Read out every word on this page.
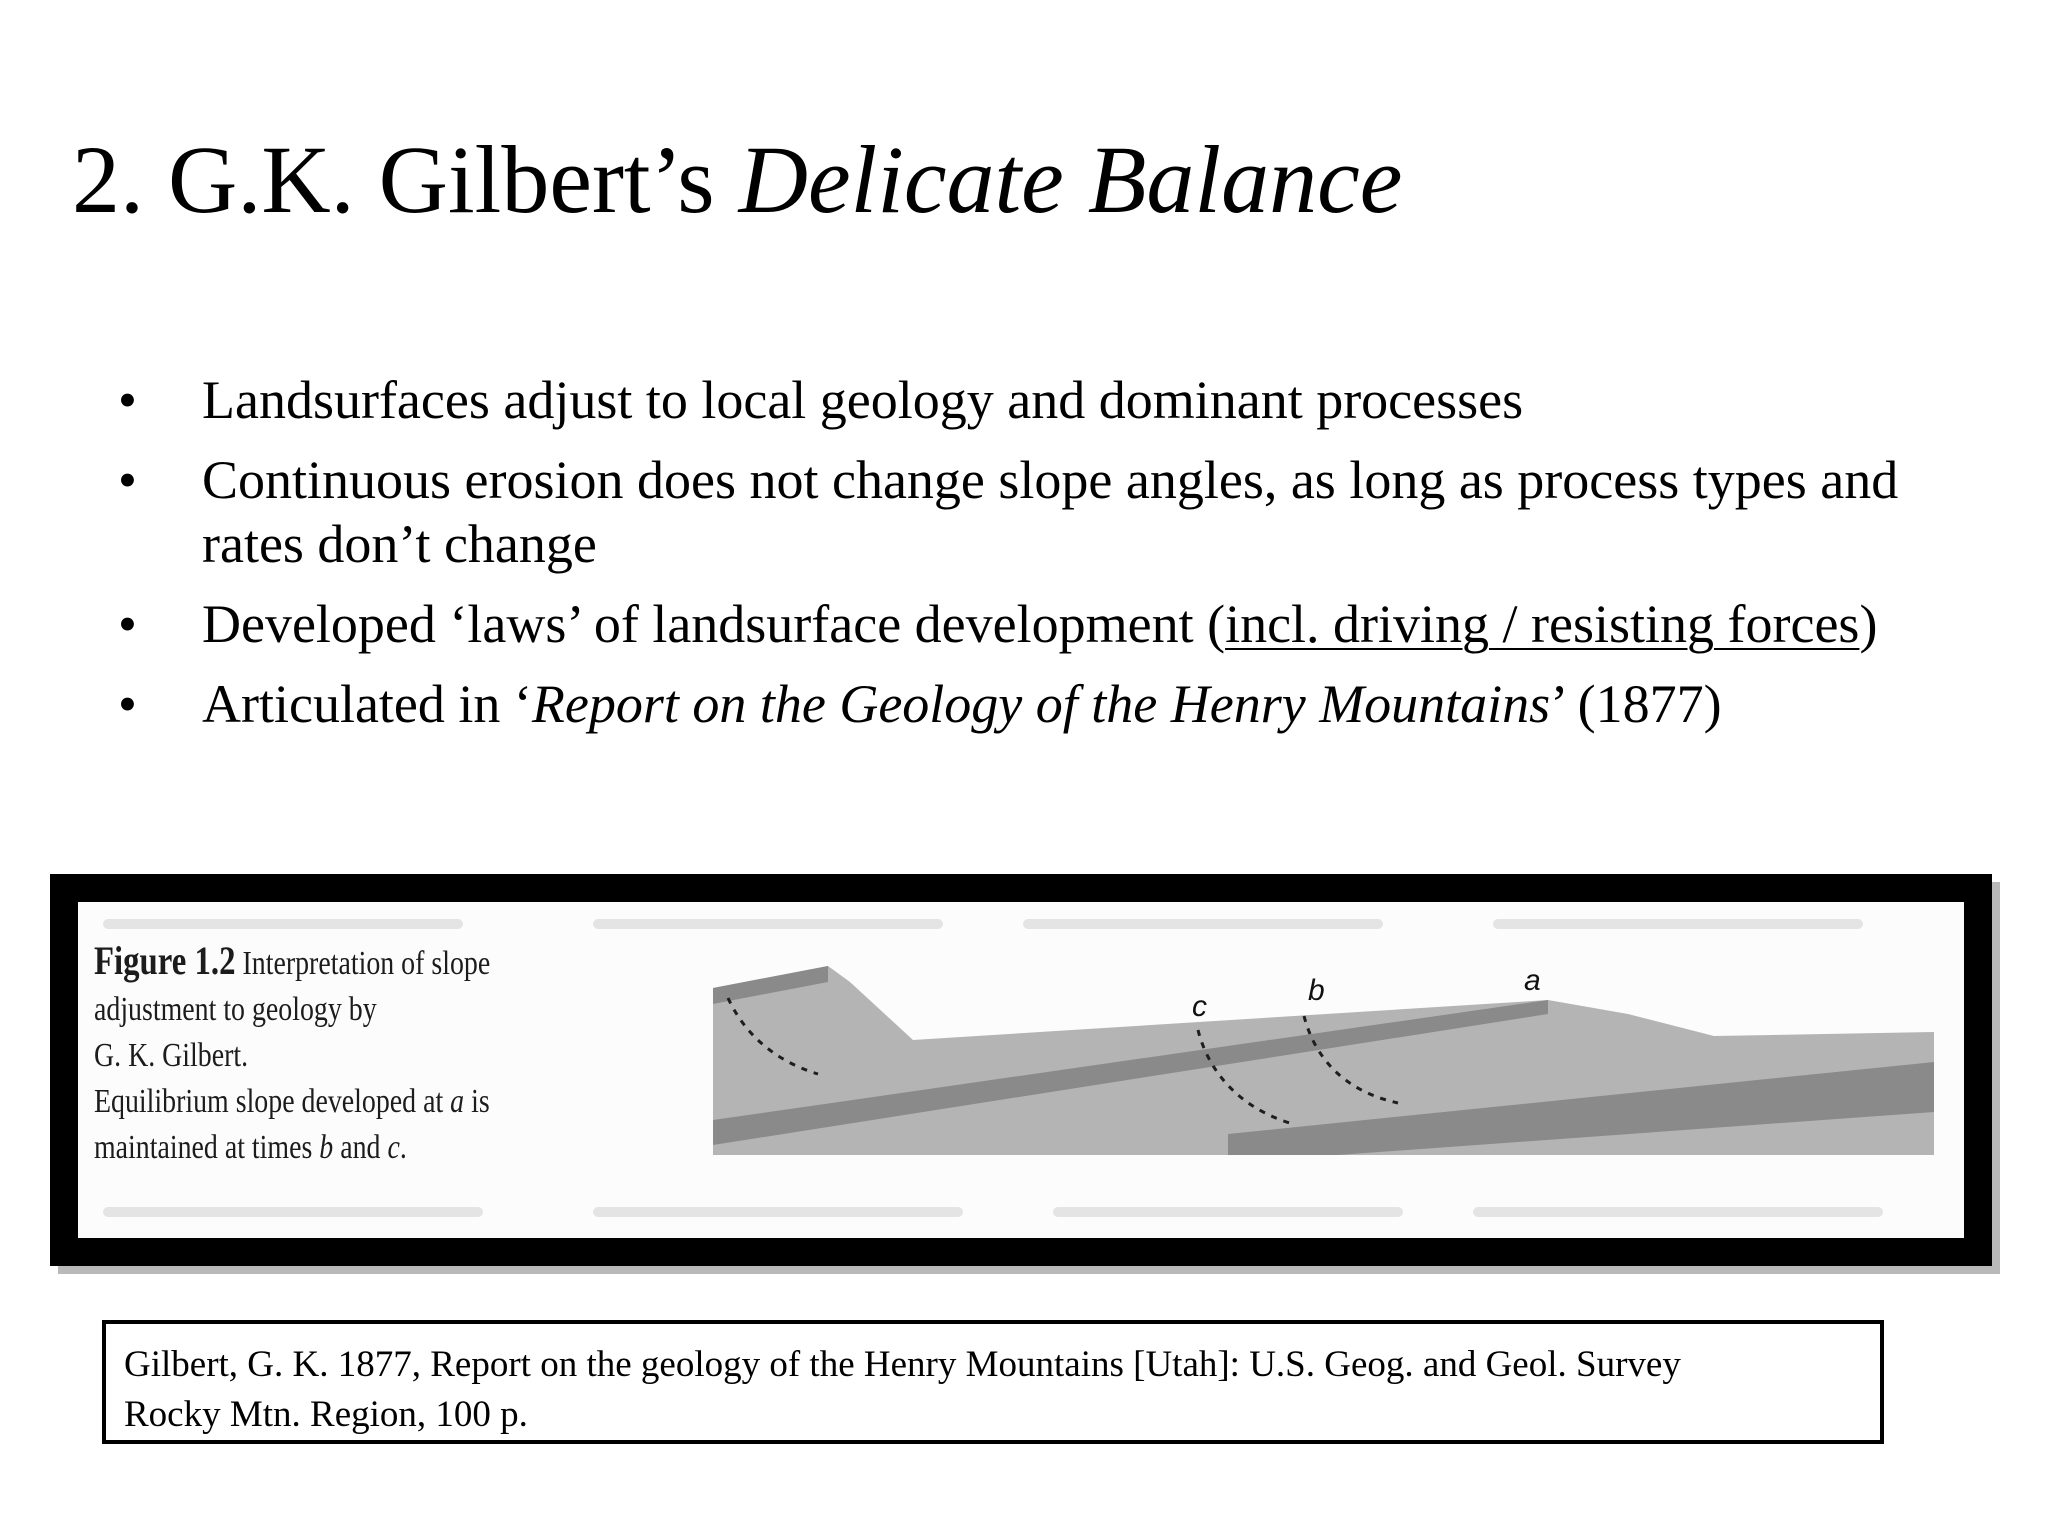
2. G.K. Gilbert’s Delicate Balance
• Landsurfaces adjust to local geology and dominant processes
• Continuous erosion does not change slope angles, as long as process types and rates don’t change
• Developed ‘laws’ of landsurface development (incl. driving / resisting forces)
• Articulated in ‘Report on the Geology of the Henry Mountains’ (1877)
a
b
c
Figure 1.2 Interpretation of slope
adjustment to geology by
G. K. Gilbert.
Equilibrium slope developed at a is
maintained at times b and c.
Gilbert, G. K. 1877, Report on the geology of the Henry Mountains [Utah]: U.S. Geog. and Geol. Survey
Rocky Mtn. Region, 100 p.
